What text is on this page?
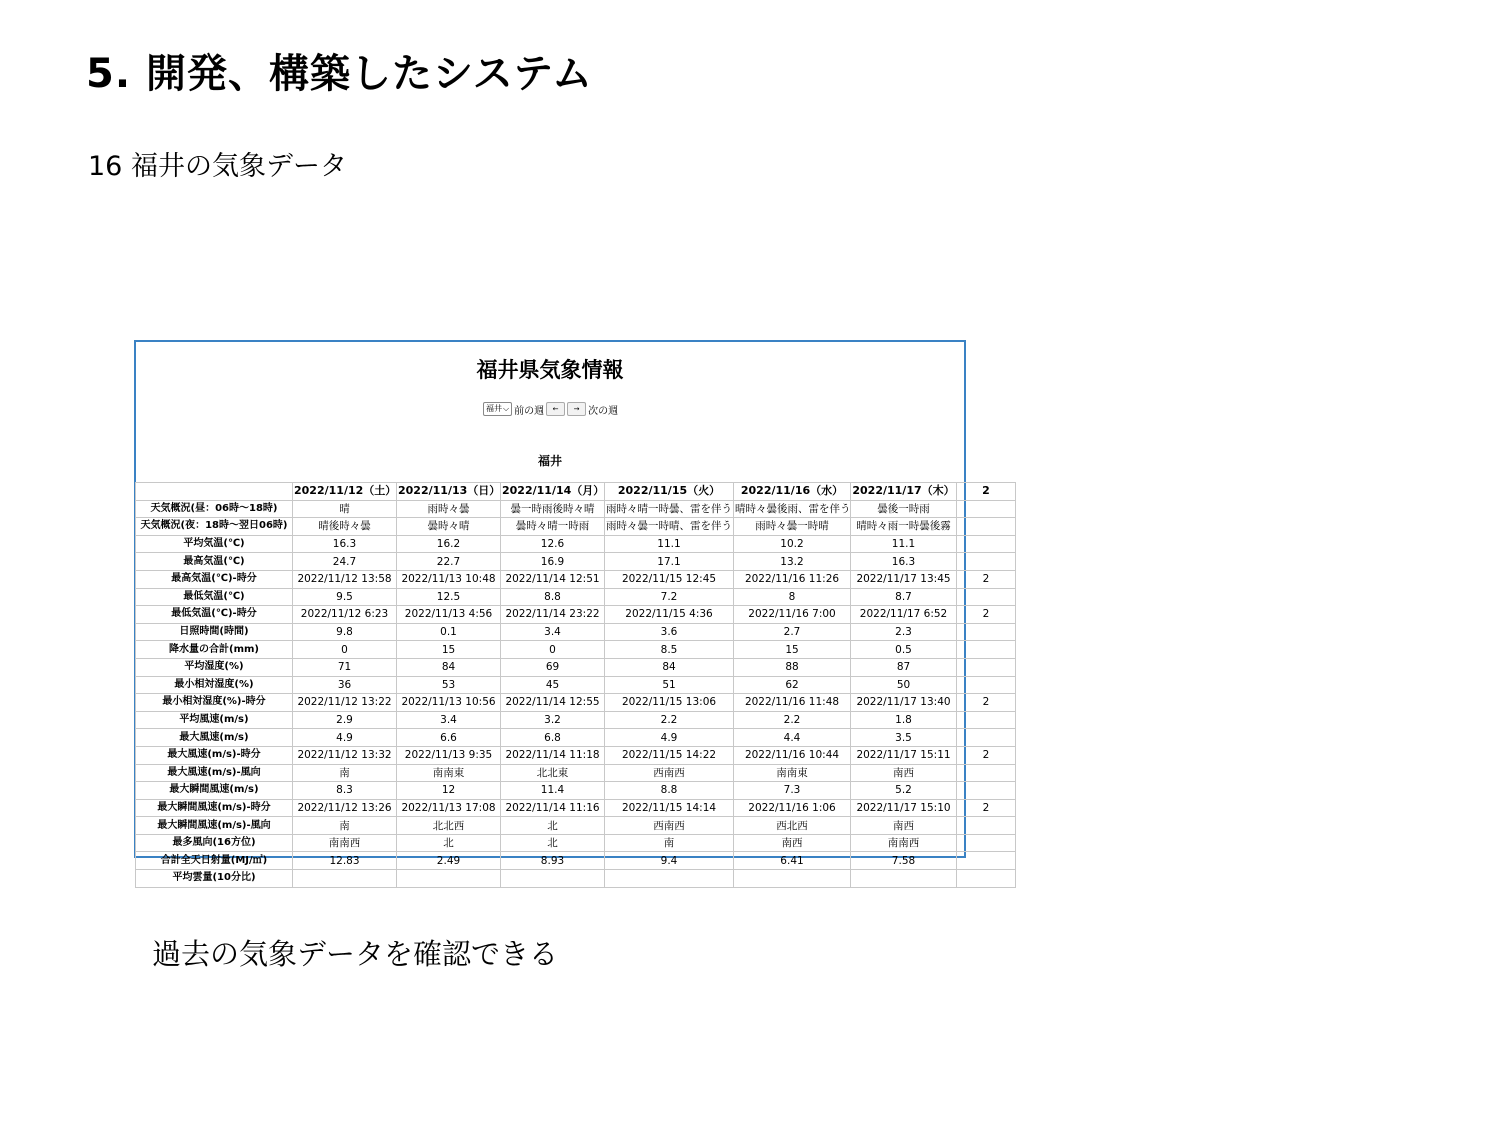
5. 開発、構築したシステム

16 福井の気象データ

福井県気象情報
福井 ⌵ 前の週	←	→ 次の週
福井
	2022/11/12（土）	2022/11/13（日）	2022/11/14（月）	2022/11/15（火）	2022/11/16（水）	2022/11/17（木）	2
天気概況(昼：06時〜18時)	晴	雨時々曇	曇一時雨後時々晴	雨時々晴一時曇、雷を伴う	晴時々曇後雨、雷を伴う	曇後一時雨	
天気概況(夜：18時〜翌日06時)	晴後時々曇	曇時々晴	曇時々晴一時雨	雨時々曇一時晴、雷を伴う	雨時々曇一時晴	晴時々雨一時曇後霧	
平均気温(℃)	16.3	16.2	12.6	11.1	10.2	11.1	
最高気温(℃)	24.7	22.7	16.9	17.1	13.2	16.3	
最高気温(℃)-時分	2022/11/12 13:58	2022/11/13 10:48	2022/11/14 12:51	2022/11/15 12:45	2022/11/16 11:26	2022/11/17 13:45	2
最低気温(℃)	9.5	12.5	8.8	7.2	8	8.7	
最低気温(℃)-時分	2022/11/12 6:23	2022/11/13 4:56	2022/11/14 23:22	2022/11/15 4:36	2022/11/16 7:00	2022/11/17 6:52	2
日照時間(時間)	9.8	0.1	3.4	3.6	2.7	2.3	
降水量の合計(mm)	0	15	0	8.5	15	0.5	
平均湿度(%)	71	84	69	84	88	87	
最小相対湿度(%)	36	53	45	51	62	50	
最小相対湿度(%)-時分	2022/11/12 13:22	2022/11/13 10:56	2022/11/14 12:55	2022/11/15 13:06	2022/11/16 11:48	2022/11/17 13:40	2
平均風速(m/s)	2.9	3.4	3.2	2.2	2.2	1.8	
最大風速(m/s)	4.9	6.6	6.8	4.9	4.4	3.5	
最大風速(m/s)-時分	2022/11/12 13:32	2022/11/13 9:35	2022/11/14 11:18	2022/11/15 14:22	2022/11/16 10:44	2022/11/17 15:11	2
最大風速(m/s)-風向	南	南南東	北北東	西南西	南南東	南西	
最大瞬間風速(m/s)	8.3	12	11.4	8.8	7.3	5.2	
最大瞬間風速(m/s)-時分	2022/11/12 13:26	2022/11/13 17:08	2022/11/14 11:16	2022/11/15 14:14	2022/11/16 1:06	2022/11/17 15:10	2
最大瞬間風速(m/s)-風向	南	北北西	北	西南西	西北西	南西	
最多風向(16方位)	南南西	北	北	南	南西	南南西	
合計全天日射量(MJ/㎡)	12.83	2.49	8.93	9.4	6.41	7.58	
平均雲量(10分比)							

過去の気象データを確認できる
